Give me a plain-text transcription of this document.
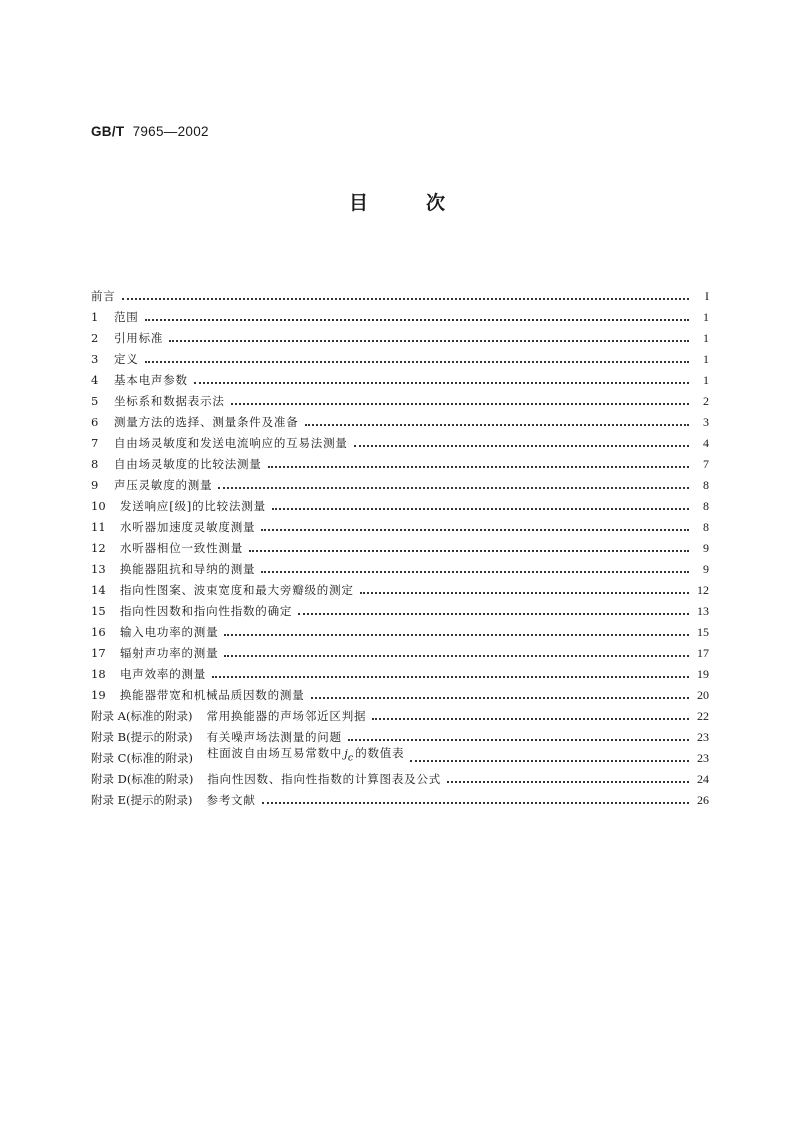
GB/T 7965—2002
目	次
前言	I
1	范围	1
2	引用标准	1
3	定义	1
4	基本电声参数	1
5	坐标系和数据表示法	2
6	测量方法的选择、测量条件及准备	3
7	自由场灵敏度和发送电流响应的互易法测量	4
8	自由场灵敏度的比较法测量	7
9	声压灵敏度的测量	8
10	发送响应[级]的比较法测量	8
11	水听器加速度灵敏度测量	8
12	水听器相位一致性测量	9
13	换能器阻抗和导纳的测量	9
14	指向性图案、波束宽度和最大旁瓣级的测定	12
15	指向性因数和指向性指数的确定	13
16	输入电功率的测量	15
17	辐射声功率的测量	17
18	电声效率的测量	19
19	换能器带宽和机械品质因数的测量	20
附录 A(标准的附录) 常用换能器的声场邻近区判据	22
附录 B(提示的附录) 有关噪声场法测量的问题	23
附录 C(标准的附录) 柱面波自由场互易常数中 $j_c$ 的数值表	23
附录 D(标准的附录) 指向性因数、指向性指数的计算图表及公式	24
附录 E(提示的附录) 参考文献	26
